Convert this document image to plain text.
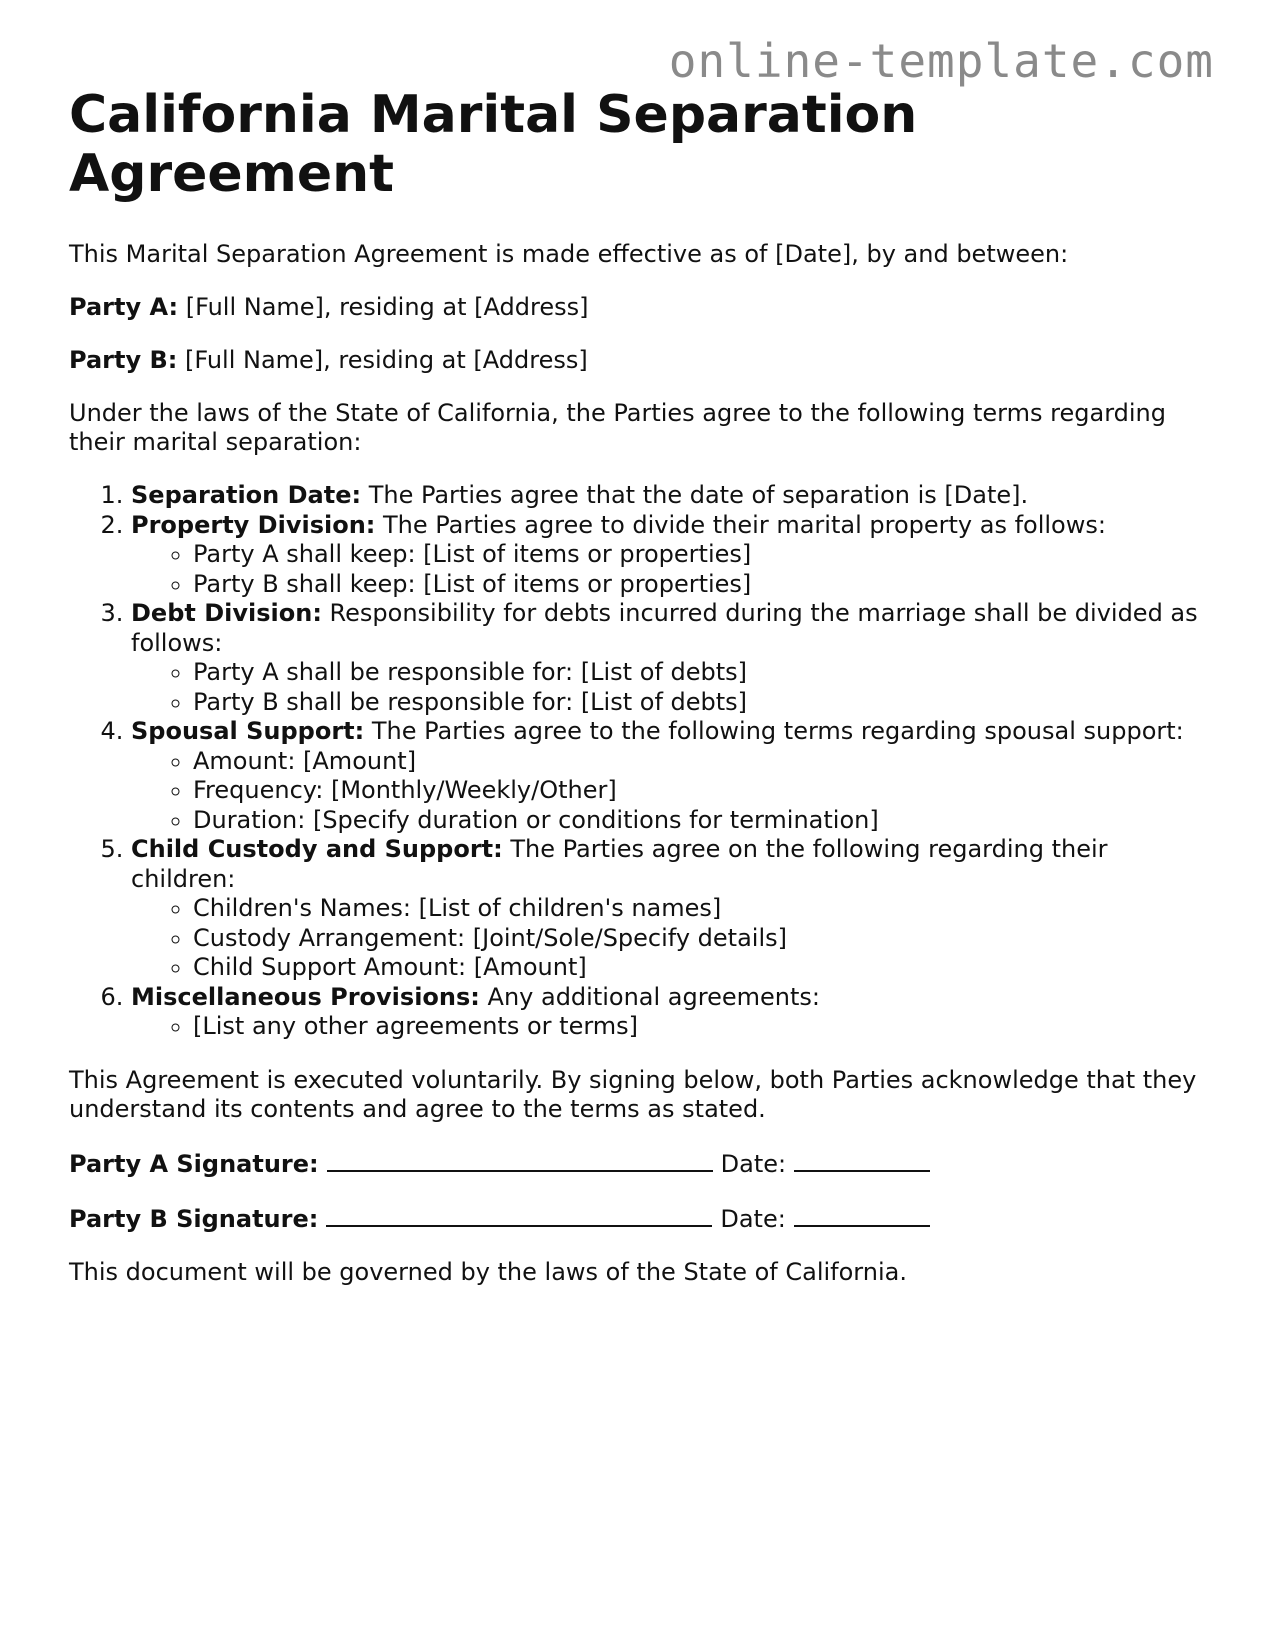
online-template.com
California Marital Separation Agreement

This Marital Separation Agreement is made effective as of [Date], by and between:

Party A: [Full Name], residing at [Address]

Party B: [Full Name], residing at [Address]

Under the laws of the State of California, the Parties agree to the following terms regarding their marital separation:

1. Separation Date: The Parties agree that the date of separation is [Date].
2. Property Division: The Parties agree to divide their marital property as follows:
◦ Party A shall keep: [List of items or properties]
◦ Party B shall keep: [List of items or properties]
3. Debt Division: Responsibility for debts incurred during the marriage shall be divided as follows:
◦ Party A shall be responsible for: [List of debts]
◦ Party B shall be responsible for: [List of debts]
4. Spousal Support: The Parties agree to the following terms regarding spousal support:
◦ Amount: [Amount]
◦ Frequency: [Monthly/Weekly/Other]
◦ Duration: [Specify duration or conditions for termination]
5. Child Custody and Support: The Parties agree on the following regarding their children:
◦ Children's Names: [List of children's names]
◦ Custody Arrangement: [Joint/Sole/Specify details]
◦ Child Support Amount: [Amount]
6. Miscellaneous Provisions: Any additional agreements:
◦ [List any other agreements or terms]

This Agreement is executed voluntarily. By signing below, both Parties acknowledge that they understand its contents and agree to the terms as stated.

Party A Signature:	Date:

Party B Signature:	Date:

This document will be governed by the laws of the State of California.
